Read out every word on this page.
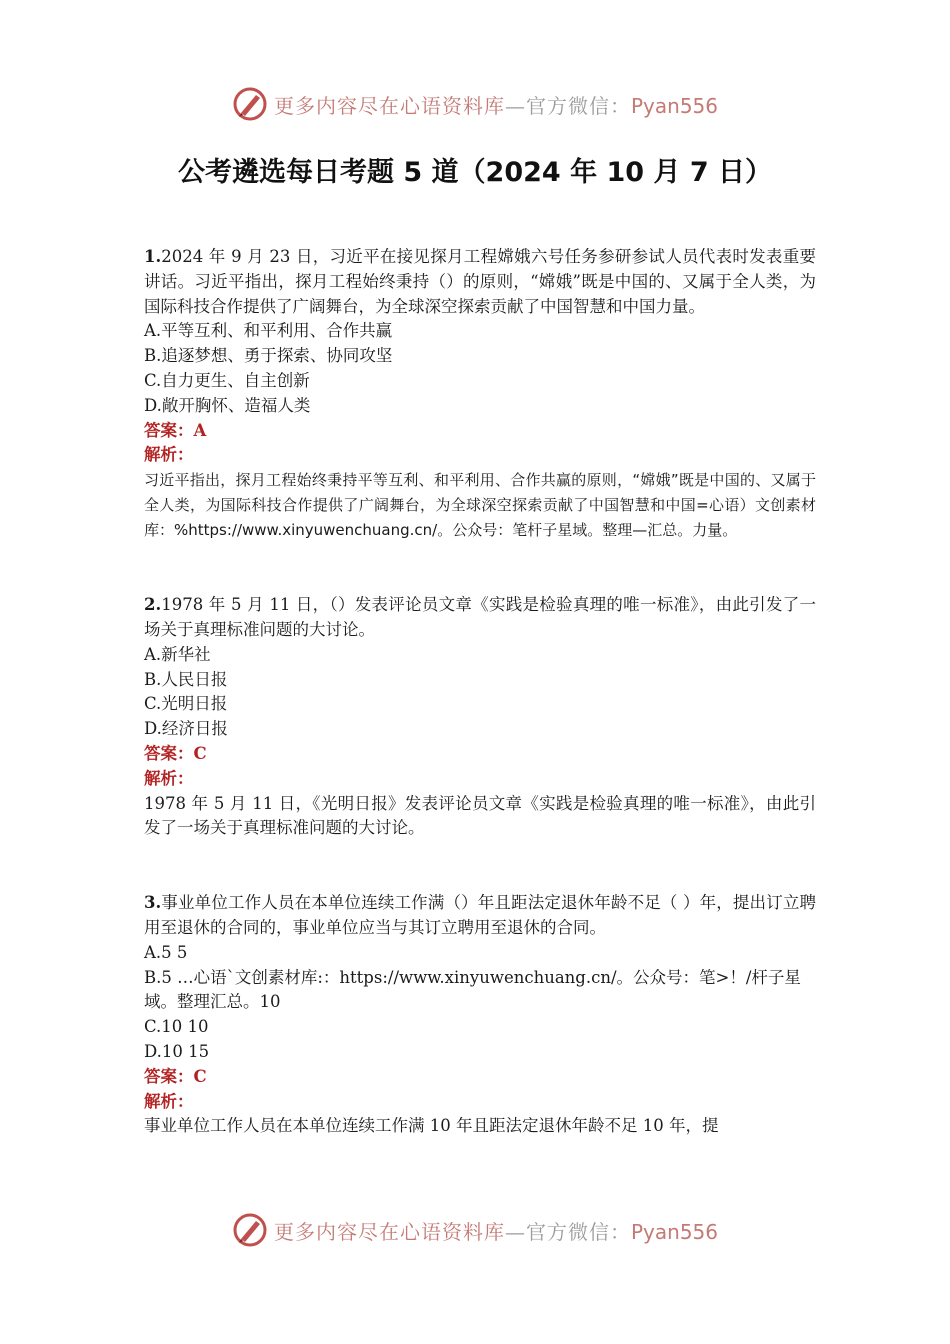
更多内容尽在心语资料库—官方微信：Pyan556
公考遴选每日考题 5 道（2024 年 10 月 7 日）

1.2024 年 9 月 23 日，习近平在接见探月工程嫦娥六号任务参研参试人员代表时发表重要讲话。习近平指出，探月工程始终秉持（）的原则，“嫦娥”既是中国的、又属于全人类，为国际科技合作提供了广阔舞台，为全球深空探索贡献了中国智慧和中国力量。

A.平等互利、和平利用、合作共赢

B.追逐梦想、勇于探索、协同攻坚

C.自力更生、自主创新

D.敞开胸怀、造福人类

答案：A

解析：

习近平指出，探月工程始终秉持平等互利、和平利用、合作共赢的原则，“嫦娥”既是中国的、又属于全人类，为国际科技合作提供了广阔舞台，为全球深空探索贡献了中国智慧和中国=心语）文创素材库：%https://www.xinyuwenchuang.cn/。公众号：笔杆子星域。整理—汇总。力量。

2.1978 年 5 月 11 日，（）发表评论员文章《实践是检验真理的唯一标准》，由此引发了一场关于真理标准问题的大讨论。

A.新华社

B.人民日报

C.光明日报

D.经济日报

答案：C

解析：

1978 年 5 月 11 日，《光明日报》发表评论员文章《实践是检验真理的唯一标准》，由此引发了一场关于真理标准问题的大讨论。

3.事业单位工作人员在本单位连续工作满（）年且距法定退休年龄不足（ ）年，提出订立聘用至退休的合同的，事业单位应当与其订立聘用至退休的合同。

A.5 5

B.5 …心语`文创素材库:：https://www.xinyuwenchuang.cn/。公众号：笔>！/杆子星域。整理汇总。10

C.10 10

D.10 15

答案：C

解析：

事业单位工作人员在本单位连续工作满 10 年且距法定退休年龄不足 10 年，提

更多内容尽在心语资料库—官方微信：Pyan556
